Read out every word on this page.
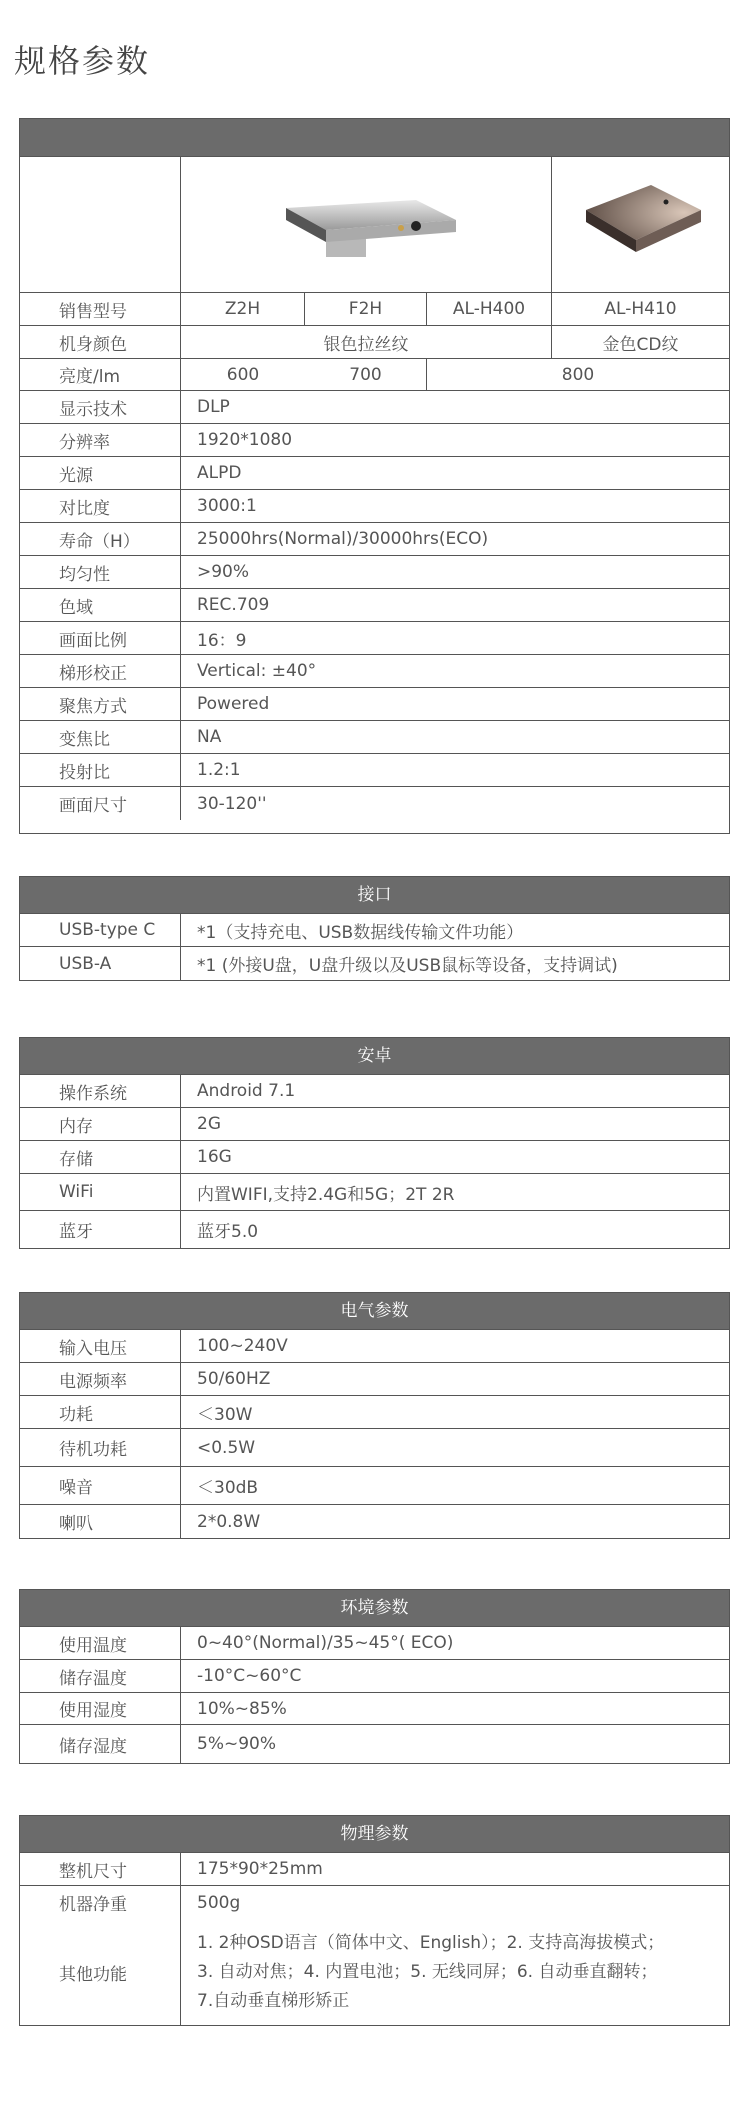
规格参数
销售型号	Z2H	F2H	AL-H400	AL-H410
机身颜色	银色拉丝纹	金色CD纹
亮度/lm	600	700	800
显示技术	DLP
分辨率	1920*1080
光源	ALPD
对比度	3000:1
寿命（H）	25000hrs(Normal)/30000hrs(ECO)
均匀性	>90%
色域	REC.709
画面比例	16：9
梯形校正	Vertical: ±40°
聚焦方式	Powered
变焦比	NA
投射比	1.2:1
画面尺寸	30-120''
接口
USB-type C	*1（支持充电、USB数据线传输文件功能）
USB-A	*1 (外接U盘，U盘升级以及USB鼠标等设备，支持调试)
安卓
操作系统	Android 7.1
内存	2G
存储	16G
WiFi	内置WIFI,支持2.4G和5G；2T 2R
蓝牙	蓝牙5.0
电气参数
输入电压	100~240V
电源频率	50/60HZ
功耗	＜30W
待机功耗	<0.5W
噪音	＜30dB
喇叭	2*0.8W
环境参数
使用温度	0~40°(Normal)/35~45°( ECO)
储存温度	-10°C~60°C
使用湿度	10%~85%
储存湿度	5%~90%
物理参数
整机尺寸	175*90*25mm
机器净重	500g
其他功能
1. 2种OSD语言（简体中文、English）；2. 支持高海拔模式；
3. 自动对焦；4. 内置电池；5. 无线同屏；6. 自动垂直翻转；
7.自动垂直梯形矫正
